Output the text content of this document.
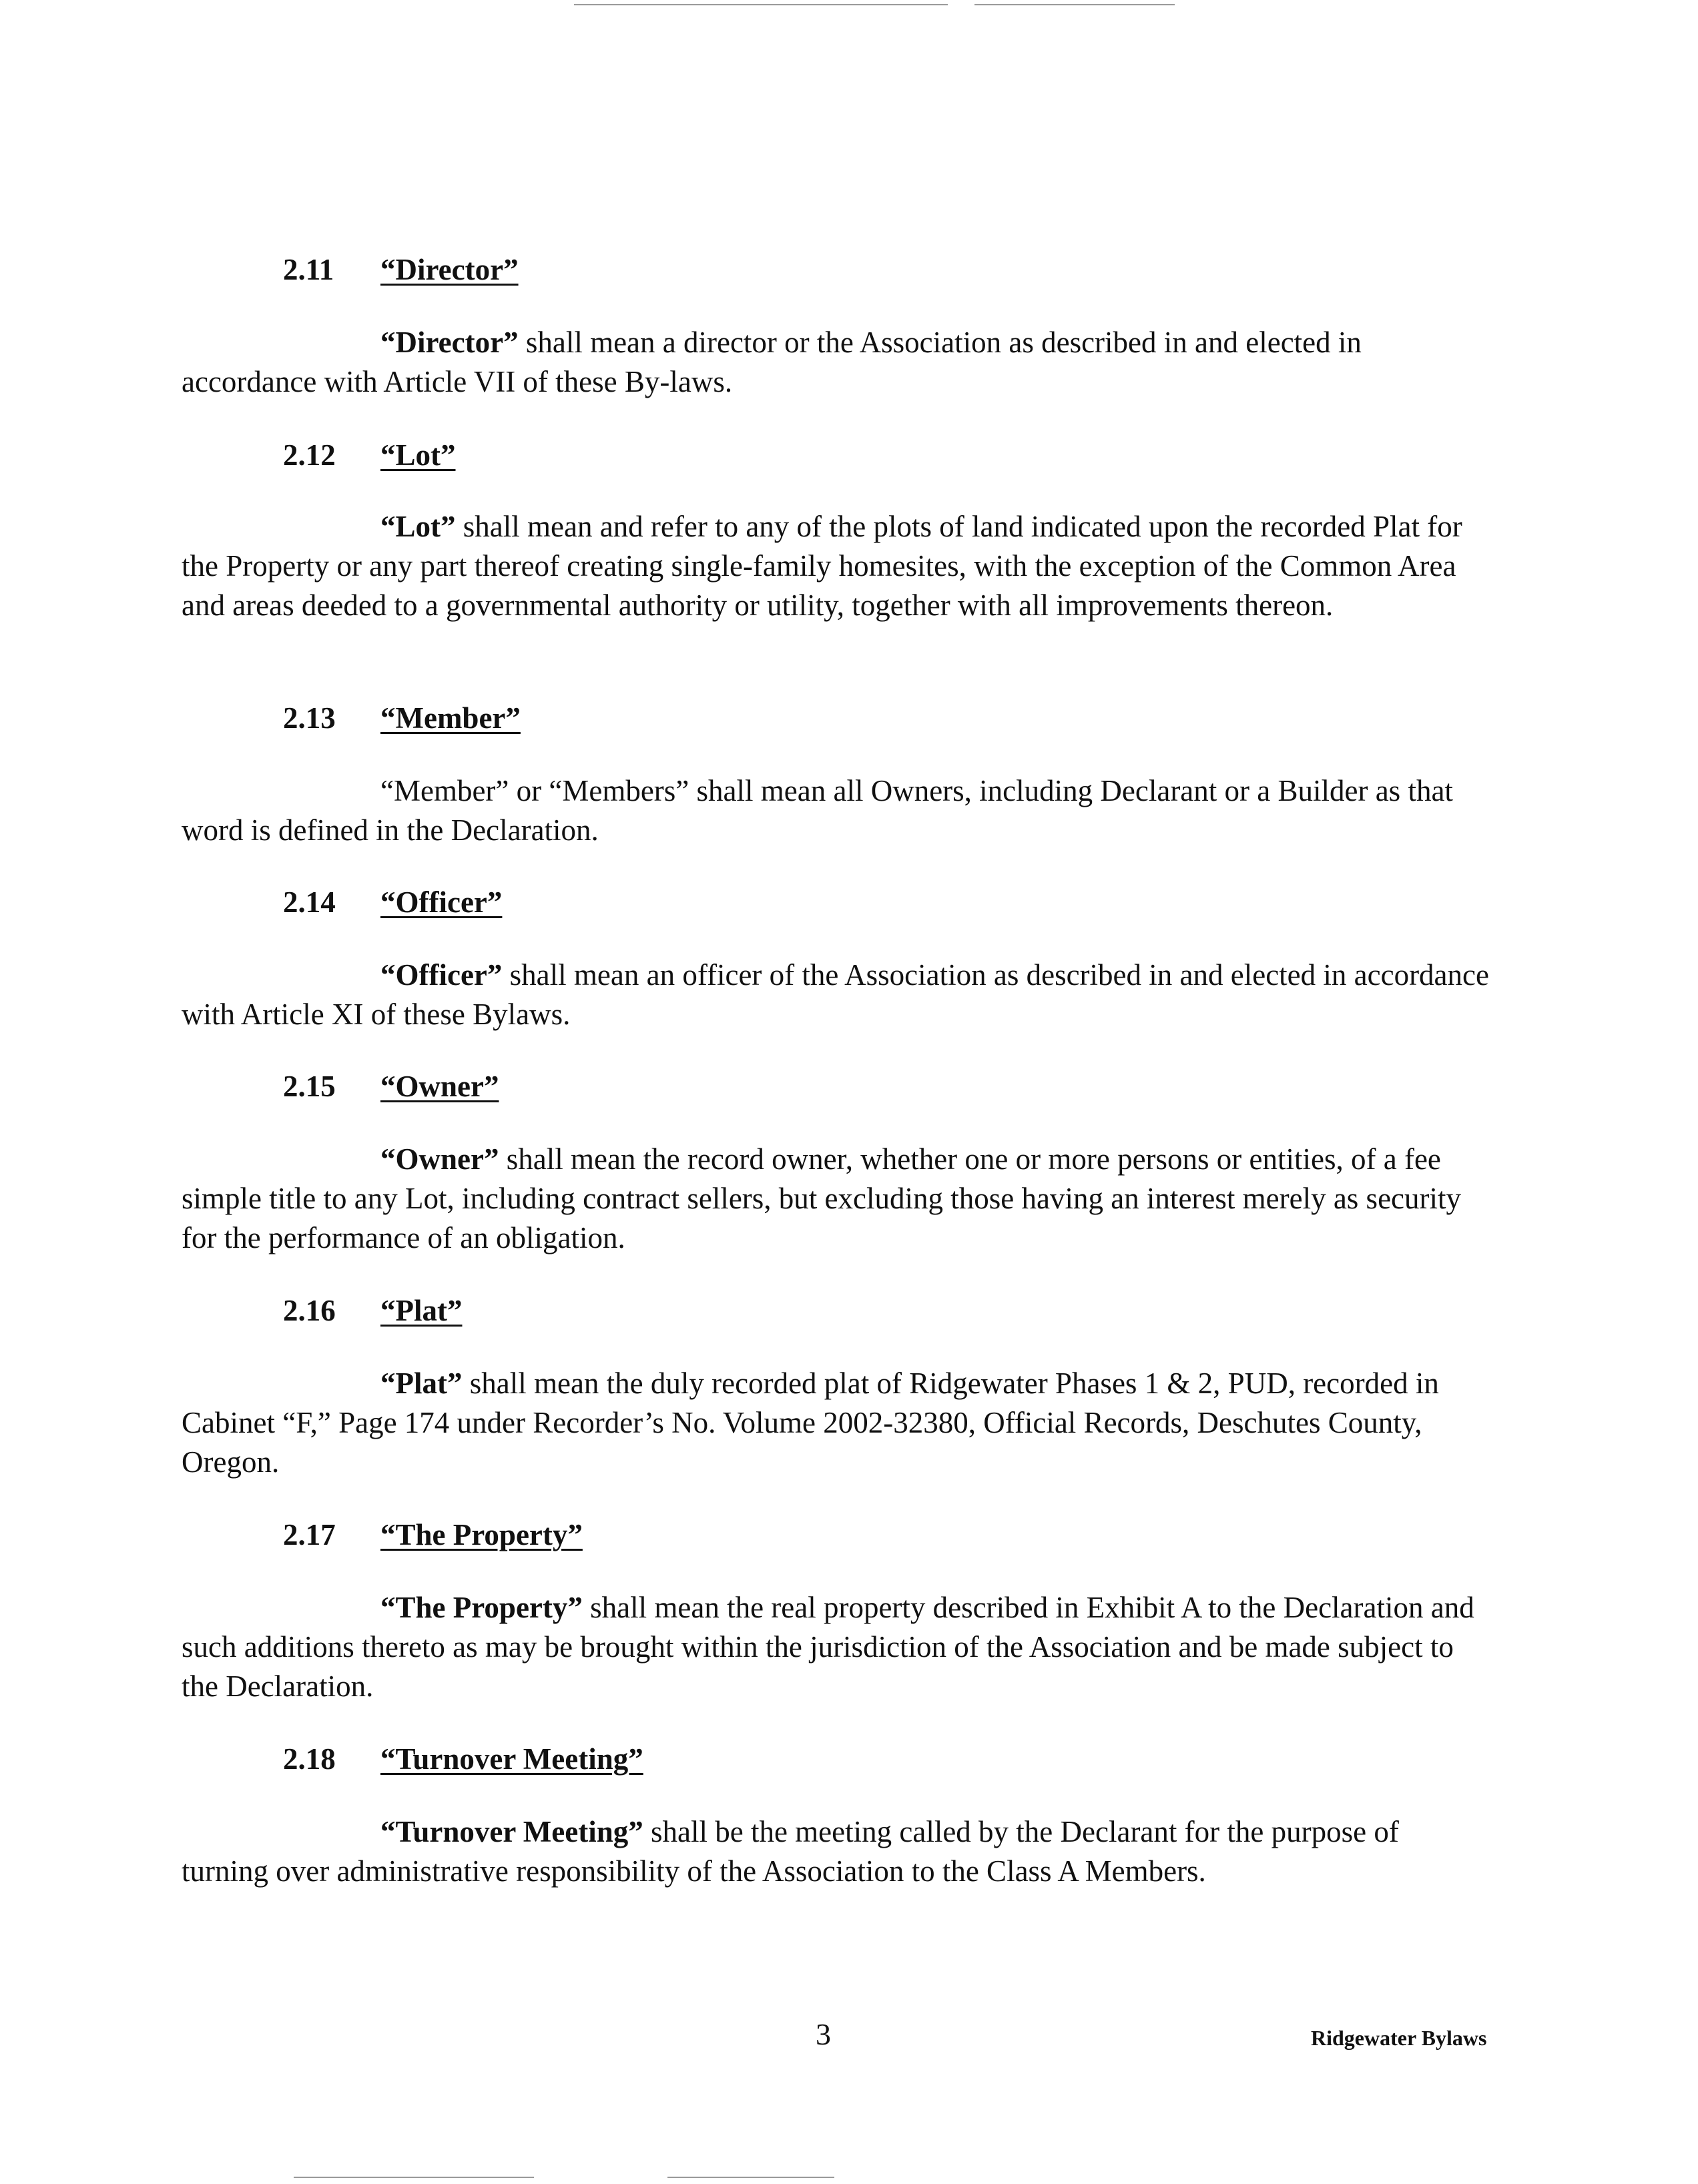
2.11 “Director”
“Director” shall mean a director or the Association as described in and elected in accordance with Article VII of these By-laws.
2.12 “Lot”
“Lot” shall mean and refer to any of the plots of land indicated upon the recorded Plat for the Property or any part thereof creating single-family homesites, with the exception of the Common Area and areas deeded to a governmental authority or utility, together with all improvements thereon.
2.13 “Member”
“Member” or “Members” shall mean all Owners, including Declarant or a Builder as that word is defined in the Declaration.
2.14 “Officer”
“Officer” shall mean an officer of the Association as described in and elected in accordance with Article XI of these Bylaws.
2.15 “Owner”
“Owner” shall mean the record owner, whether one or more persons or entities, of a fee simple title to any Lot, including contract sellers, but excluding those having an interest merely as security for the performance of an obligation.
2.16 “Plat”
“Plat” shall mean the duly recorded plat of Ridgewater Phases 1 & 2, PUD, recorded in Cabinet “F,” Page 174 under Recorder’s No. Volume 2002-32380, Official Records, Deschutes County, Oregon.
2.17 “The Property”
“The Property” shall mean the real property described in Exhibit A to the Declaration and such additions thereto as may be brought within the jurisdiction of the Association and be made subject to the Declaration.
2.18 “Turnover Meeting”
“Turnover Meeting” shall be the meeting called by the Declarant for the purpose of turning over administrative responsibility of the Association to the Class A Members.
3	Ridgewater Bylaws
